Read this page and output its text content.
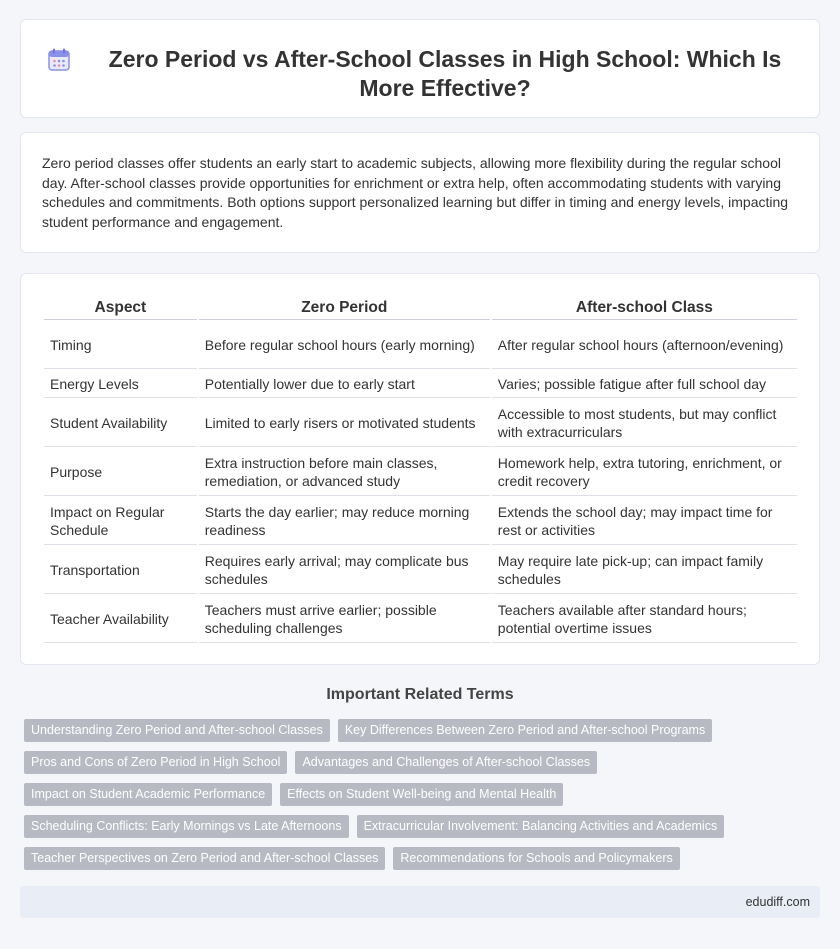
Zero Period vs After-School Classes in High School: Which Is More Effective?

Zero period classes offer students an early start to academic subjects, allowing more flexibility during the regular school day. After-school classes provide opportunities for enrichment or extra help, often accommodating students with varying schedules and commitments. Both options support personalized learning but differ in timing and energy levels, impacting student performance and engagement.

Aspect	Zero Period	After-school Class
Timing	Before regular school hours (early morning)	After regular school hours (afternoon/evening)
Energy Levels	Potentially lower due to early start	Varies; possible fatigue after full school day
Student Availability	Limited to early risers or motivated students	Accessible to most students, but may conflict with extracurriculars
Purpose	Extra instruction before main classes, remediation, or advanced study	Homework help, extra tutoring, enrichment, or credit recovery
Impact on Regular Schedule	Starts the day earlier; may reduce morning readiness	Extends the school day; may impact time for rest or activities
Transportation	Requires early arrival; may complicate bus schedules	May require late pick-up; can impact family schedules
Teacher Availability	Teachers must arrive earlier; possible scheduling challenges	Teachers available after standard hours; potential overtime issues
Important Related Terms
Understanding Zero Period and After-school Classes	Key Differences Between Zero Period and After-school Programs
Pros and Cons of Zero Period in High School	Advantages and Challenges of After-school Classes
Impact on Student Academic Performance	Effects on Student Well-being and Mental Health
Scheduling Conflicts: Early Mornings vs Late Afternoons	Extracurricular Involvement: Balancing Activities and Academics
Teacher Perspectives on Zero Period and After-school Classes	Recommendations for Schools and Policymakers
edudiff.com
